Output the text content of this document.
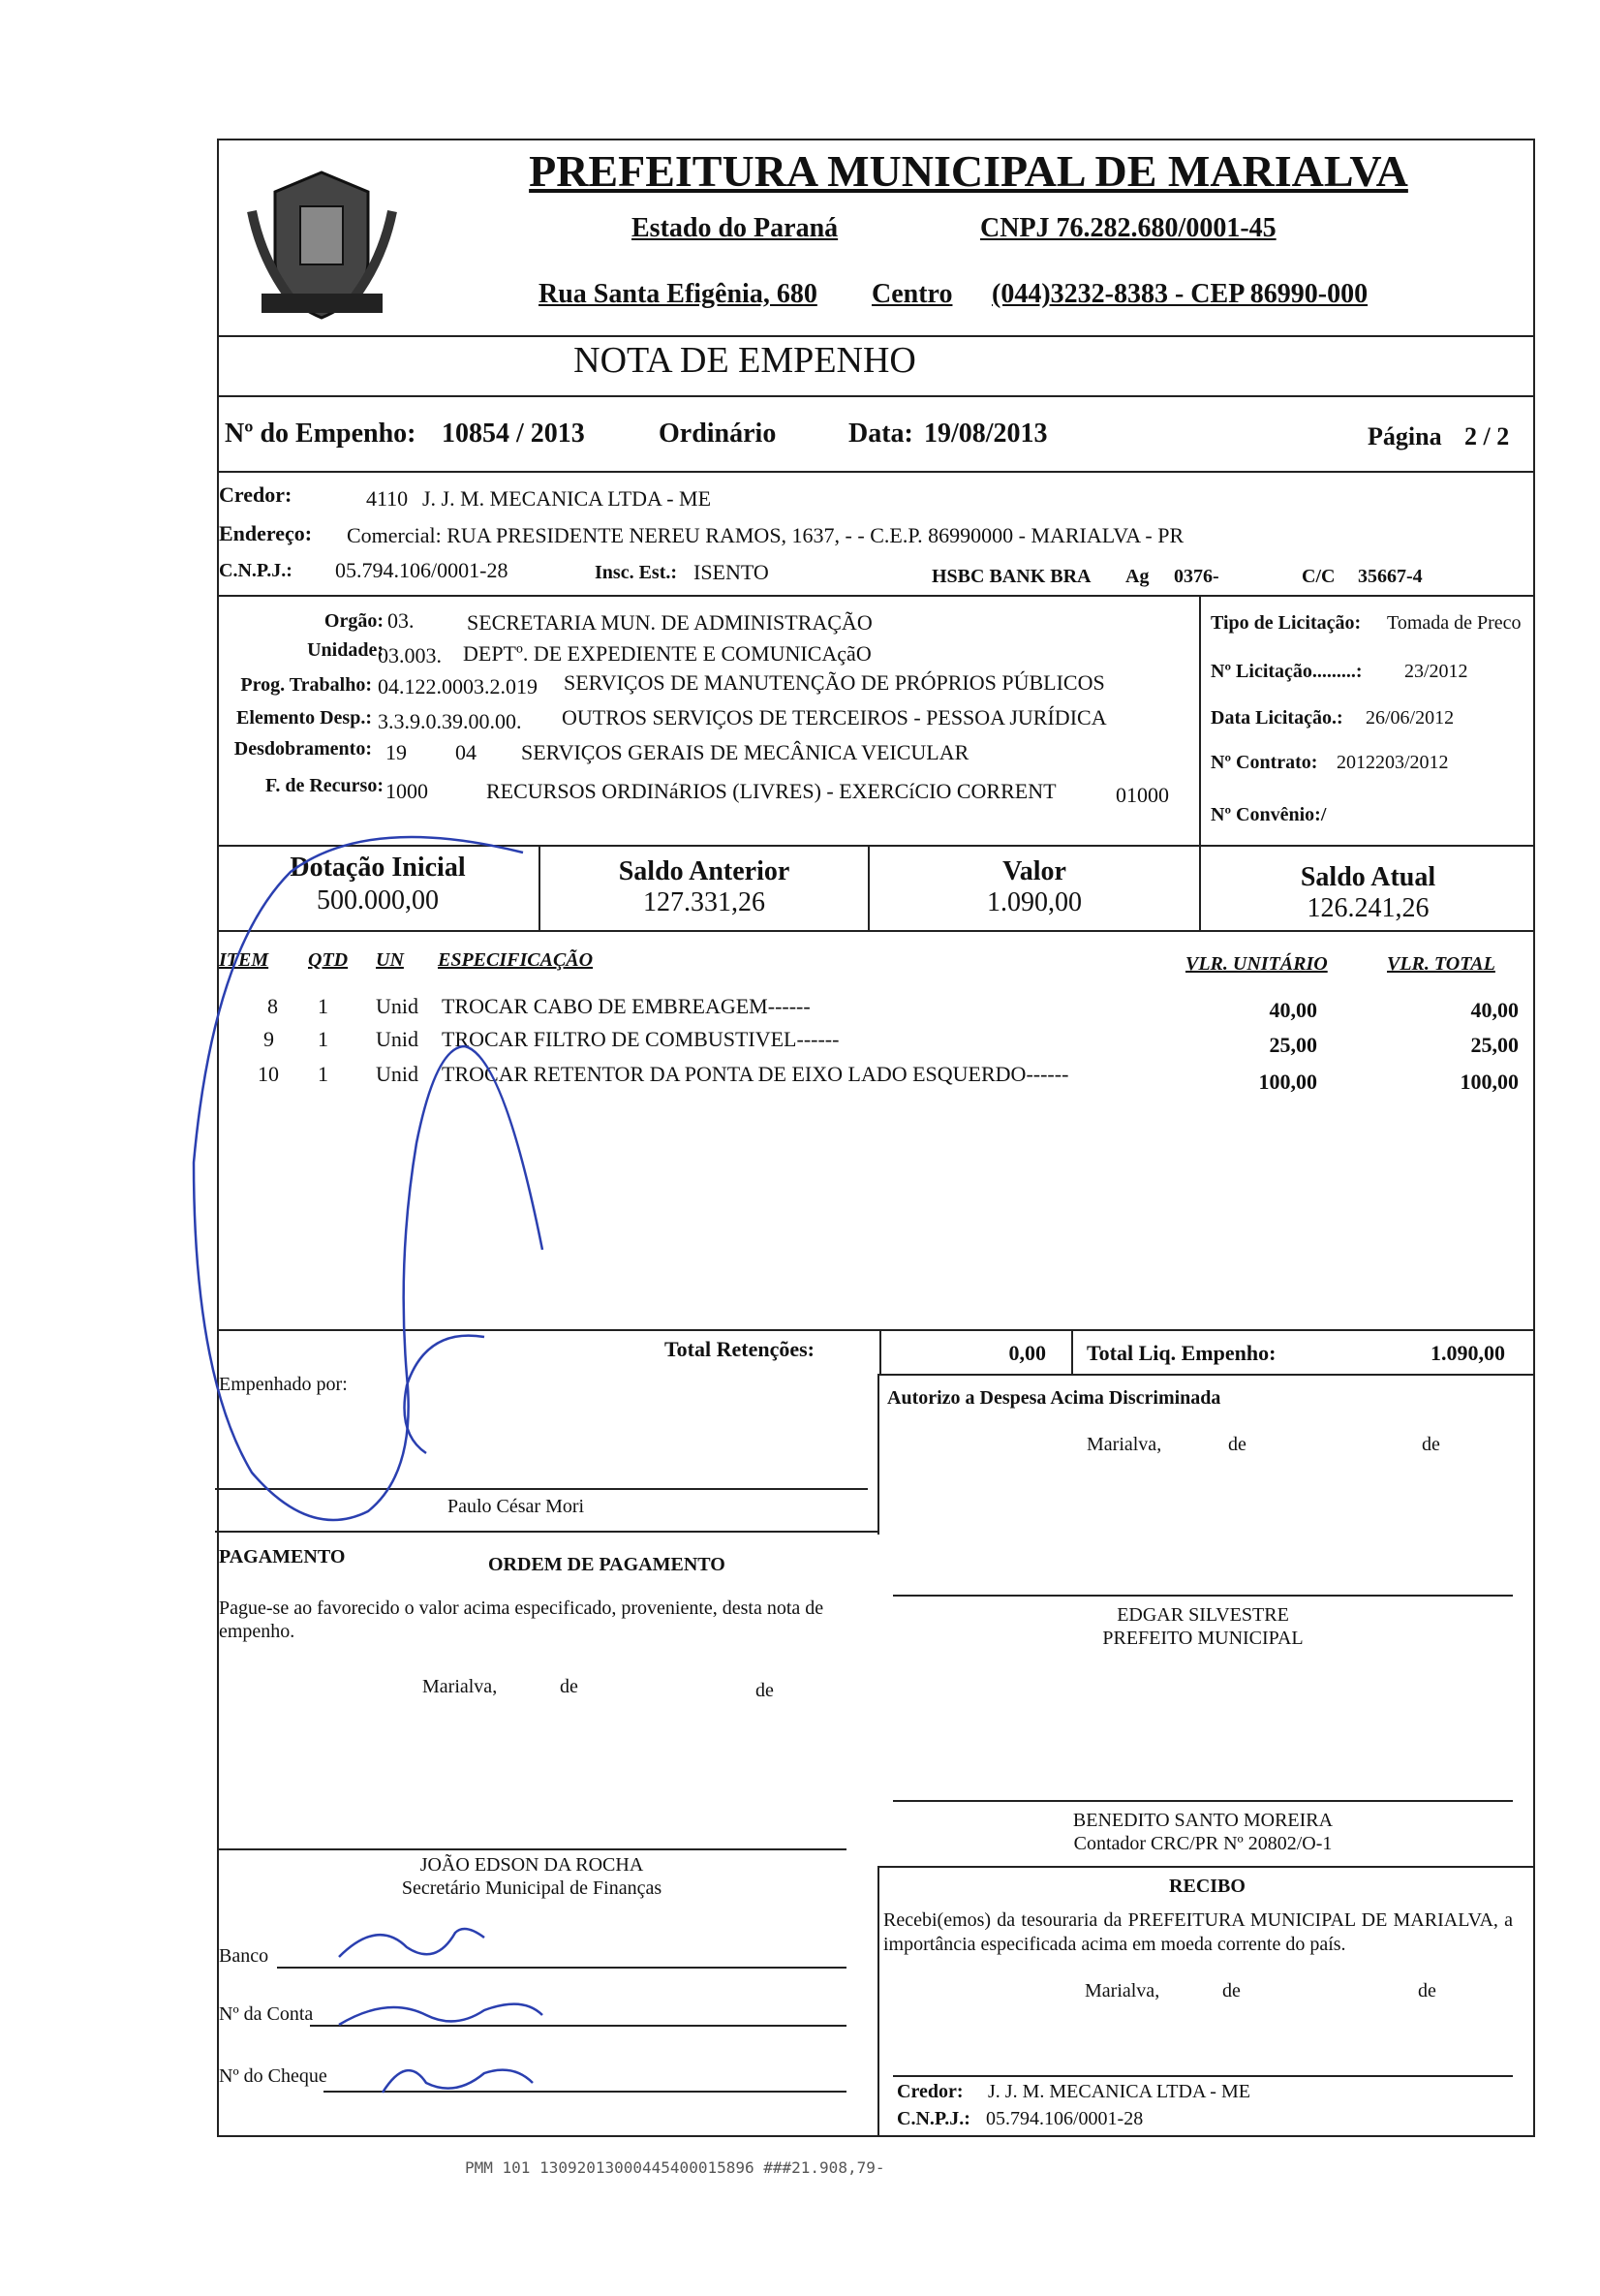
PREFEITURA MUNICIPAL DE MARIALVA
Estado do Paraná	CNPJ 76.282.680/0001-45
Rua Santa Efigênia, 680 Centro (044)3232-8383 - CEP 86990-000
NOTA DE EMPENHO
Nº do Empenho: 10854 / 2013	Ordinário	Data: 19/08/2013	Página 2 / 2
Credor:	4110 J. J. M. MECANICA LTDA - ME
Endereço: Comercial: RUA PRESIDENTE NEREU RAMOS, 1637, - - C.E.P. 86990000 - MARIALVA - PR
C.N.P.J.: 05.794.106/0001-28	Insc. Est.: ISENTO	HSBC BANK BRA Ag 0376-	C/C 35667-4
Orgão: 03. SECRETARIA MUN. DE ADMINISTRAÇÃO
Unidade:
03.003. DEPTº. DE EXPEDIENTE E COMUNICAçãO
Prog. Trabalho: 04.122.0003.2.019 SERVIÇOS DE MANUTENÇÃO DE PRÓPRIOS PÚBLICOS
Elemento Desp.: 3.3.9.0.39.00.00. OUTROS SERVIÇOS DE TERCEIROS - PESSOA JURÍDICA
Desdobramento: 19 04 SERVIÇOS GERAIS DE MECÂNICA VEICULAR
F. de Recurso: 1000	RECURSOS ORDINáRIOS (LIVRES) - EXERCíCIO CORRENT	01000
Tipo de Licitação: Tomada de Preco
Nº Licitação.........: 23/2012
Data Licitação.: 26/06/2012
Nº Contrato: 2012203/2012
Nº Convênio:/
Dotação Inicial
500.000,00
Saldo Anterior
127.331,26
Valor
1.090,00
Saldo Atual
126.241,26
ITEM QTD UN ESPECIFICAÇÃO	VLR. UNITÁRIO	VLR. TOTAL
8 1 Unid TROCAR CABO DE EMBREAGEM------	40,00	40,00
9 1 Unid TROCAR FILTRO DE COMBUSTIVEL------	25,00	25,00
10 1 Unid TROCAR RETENTOR DA PONTA DE EIXO LADO ESQUERDO------	100,00	100,00
Total Retenções:	0,00 Total Liq. Empenho:	1.090,00
Empenhado por:
Autorizo a Despesa Acima Discriminada
Marialva,	de	de
Paulo César Mori
PAGAMENTO	ORDEM DE PAGAMENTO
Pague-se ao favorecido o valor acima especificado, proveniente, desta nota de empenho.
Marialva,	de	de
EDGAR SILVESTRE
PREFEITO MUNICIPAL
BENEDITO SANTO MOREIRA
Contador CRC/PR Nº 20802/O-1
JOÃO EDSON DA ROCHA
Secretário Municipal de Finanças	RECIBO
Recebi(emos) da tesouraria da PREFEITURA MUNICIPAL DE MARIALVA, a importância especificada acima em moeda corrente do país.
Marialva,	de	de
Credor: J. J. M. MECANICA LTDA - ME
C.N.P.J.: 05.794.106/0001-28
Banco
Nº da Conta
Nº do Cheque
PMM 101 13092013000445400015896 ###21.908,79-
